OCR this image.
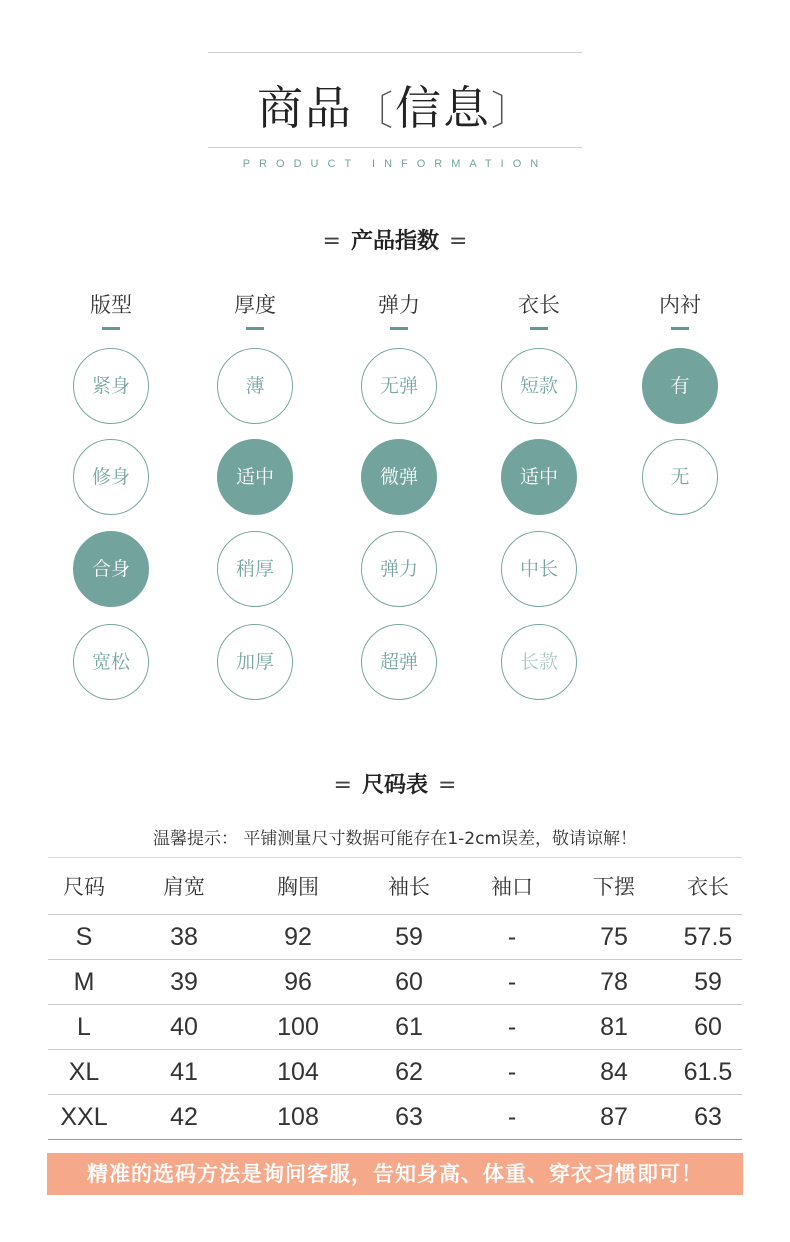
商品〔信息〕
PRODUCT INFORMATION
= 产品指数 =
版型
紧身
修身
合身
宽松
厚度
薄
适中
稍厚
加厚
弹力
无弹
微弹
弹力
超弹
衣长
短款
适中
中长
长款
内衬
有
无
= 尺码表 =
温馨提示： 平铺测量尺寸数据可能存在1-2cm误差，敬请谅解！
尺码	肩宽	胸围	袖长	袖口	下摆	衣长
S	38	92	59	-	75	57.5
M	39	96	60	-	78	59
L	40	100	61	-	81	60
XL	41	104	62	-	84	61.5
XXL	42	108	63	-	87	63
精准的选码方法是询问客服，告知身高、体重、穿衣习惯即可！
